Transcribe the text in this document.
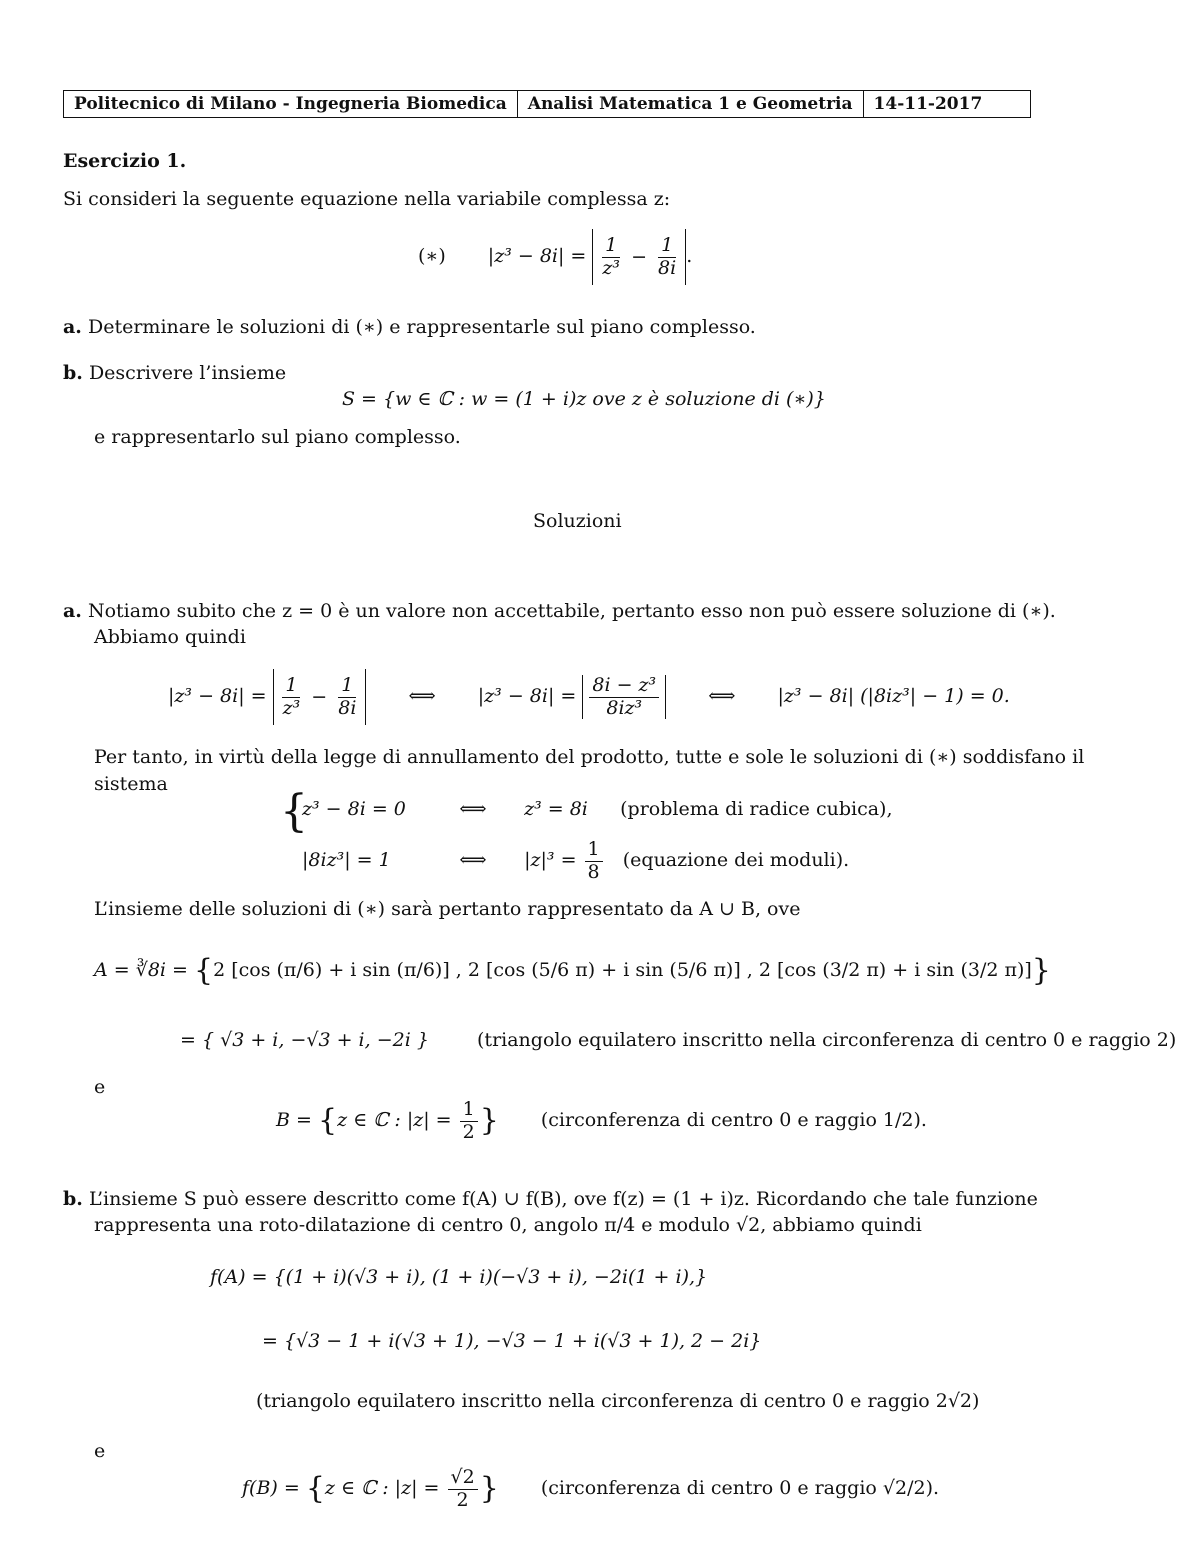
Politecnico di Milano - Ingegneria Biomedica	Analisi Matematica 1 e Geometria	14-11-2017
Esercizio 1.
Si consideri la seguente equazione nella variabile complessa z:
(∗) $|z^3 - 8i| = \frac{1}{\text{z³}} - \frac{1}{8i}$ .
a. Determinare le soluzioni di (∗) e rappresentarle sul piano complesso.
b. Descrivere l’insieme
S = {w ∈ ℂ : w = (1 + i)z ove z è soluzione di (∗)}
e rappresentarlo sul piano complesso.
Soluzioni
a. Notiamo subito che z = 0 è un valore non accettabile, pertanto esso non può essere soluzione di (∗).
Abbiamo quindi
$|z^3 - 8i| = \frac{1}{\text{z³}} - \frac{1}{8i}$	⟺ $|z^3 - 8i| = \frac{\text{8i − z³}}{\text{8iz³}}$	⟺ |z³ − 8i| (|8iz³| − 1) = 0.
Per tanto, in virtù della legge di annullamento del prodotto, tutte e sole le soluzioni di (∗) soddisfano il
sistema
{
z³ − 8i = 0	⟺ z³ = 8i (problema di radice cubica),
|8iz³| = 1	⟺ $|z|^3 = \frac{1}{8}$ (equazione dei moduli).
L’insieme delle soluzioni di (∗) sarà pertanto rappresentato da A ∪ B, ove
A = ∛8i = {2 [cos (π/6) + i sin (π/6)] , 2 [cos (5/6 π) + i sin (5/6 π)] , 2 [cos (3/2 π) + i sin (3/2 π)]}
= { √3 + i, −√3 + i, −2i }	(triangolo equilatero inscritto nella circonferenza di centro 0 e raggio 2)
e
B = {z ∈ ℂ : $|z| = \frac{1}{2}$ } (circonferenza di centro 0 e raggio 1/2).
b. L’insieme S può essere descritto come f(A) ∪ f(B), ove f(z) = (1 + i)z. Ricordando che tale funzione
rappresenta una roto-dilatazione di centro 0, angolo π/4 e modulo √2, abbiamo quindi
f(A) = {(1 + i)(√3 + i), (1 + i)(−√3 + i), −2i(1 + i),}
= {√3 − 1 + i(√3 + 1), −√3 − 1 + i(√3 + 1), 2 − 2i}
(triangolo equilatero inscritto nella circonferenza di centro 0 e raggio 2√2)
e
f(B) = {z ∈ ℂ : $|z| = \frac{√2}{2}$ } (circonferenza di centro 0 e raggio √2/2).
